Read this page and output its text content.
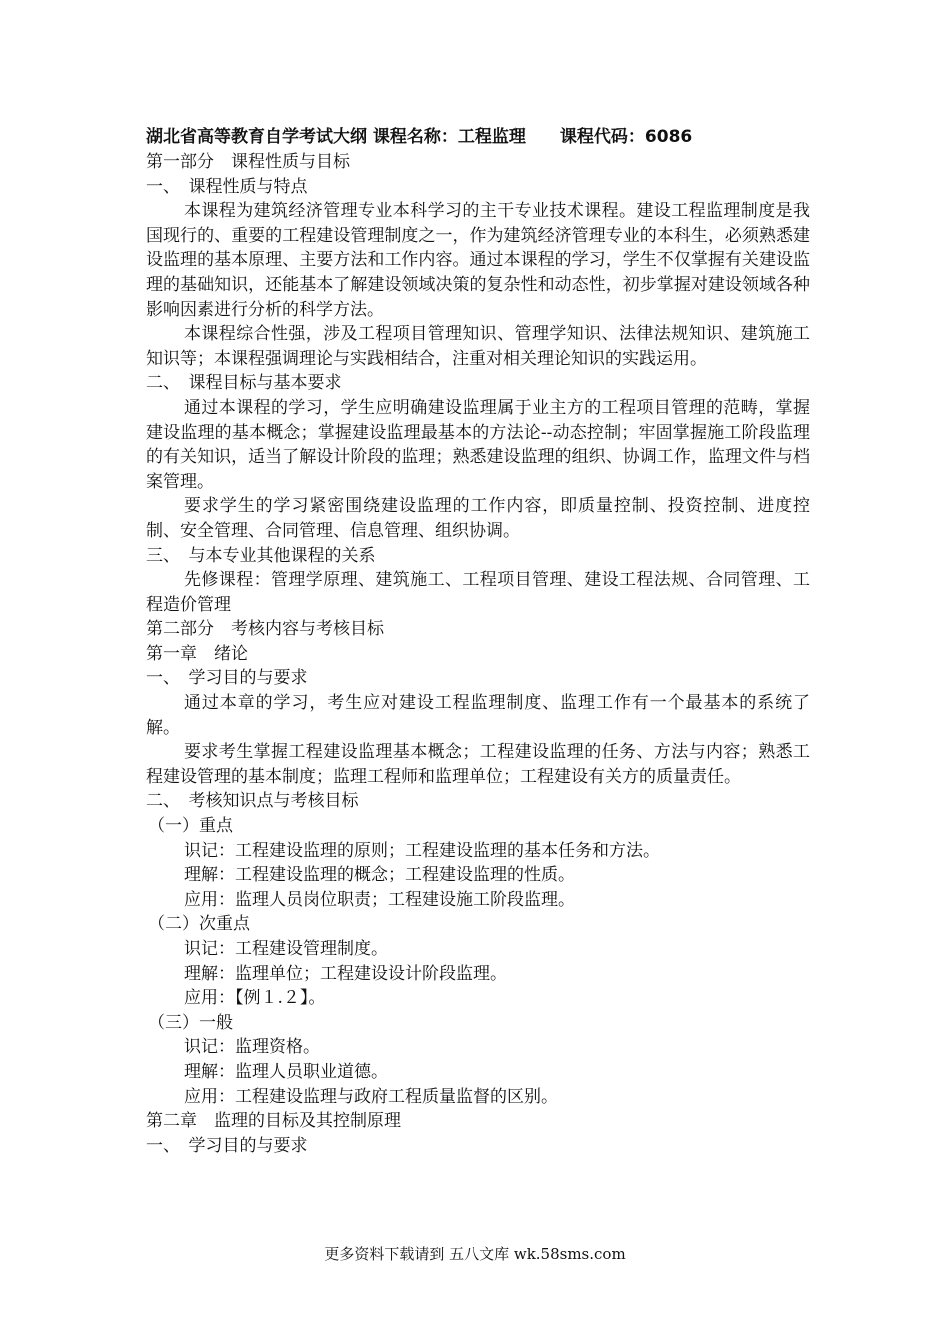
湖北省高等教育自学考试大纲 课程名称：工程监理　　课程代码：6086
第一部分　课程性质与目标
一、　课程性质与特点

本课程为建筑经济管理专业本科学习的主干专业技术课程。建设工程监理制度是我国现行的、重要的工程建设管理制度之一，作为建筑经济管理专业的本科生，必须熟悉建设监理的基本原理、主要方法和工作内容。通过本课程的学习，学生不仅掌握有关建设监理的基础知识，还能基本了解建设领域决策的复杂性和动态性，初步掌握对建设领域各种影响因素进行分析的科学方法。

本课程综合性强，涉及工程项目管理知识、管理学知识、法律法规知识、建筑施工知识等；本课程强调理论与实践相结合，注重对相关理论知识的实践运用。

二、　课程目标与基本要求

通过本课程的学习，学生应明确建设监理属于业主方的工程项目管理的范畴，掌握建设监理的基本概念；掌握建设监理最基本的方法论--动态控制；牢固掌握施工阶段监理的有关知识，适当了解设计阶段的监理；熟悉建设监理的组织、协调工作，监理文件与档案管理。

要求学生的学习紧密围绕建设监理的工作内容，即质量控制、投资控制、进度控制、安全管理、合同管理、信息管理、组织协调。

三、　与本专业其他课程的关系

先修课程：管理学原理、建筑施工、工程项目管理、建设工程法规、合同管理、工程造价管理

第二部分　考核内容与考核目标
第一章　绪论
一、　学习目的与要求

通过本章的学习，考生应对建设工程监理制度、监理工作有一个最基本的系统了解。

要求考生掌握工程建设监理基本概念；工程建设监理的任务、方法与内容；熟悉工程建设管理的基本制度；监理工程师和监理单位；工程建设有关方的质量责任。

二、　考核知识点与考核目标
（一）重点
识记：工程建设监理的原则；工程建设监理的基本任务和方法。
理解：工程建设监理的概念；工程建设监理的性质。
应用：监理人员岗位职责；工程建设施工阶段监理。
（二）次重点
识记：工程建设管理制度。
理解：监理单位；工程建设设计阶段监理。
应用：【例１.２】。
（三）一般
识记：监理资格。
理解：监理人员职业道德。
应用：工程建设监理与政府工程质量监督的区别。
第二章　监理的目标及其控制原理
一、　学习目的与要求
更多资料下载请到 五八文库 wk.58sms.com
